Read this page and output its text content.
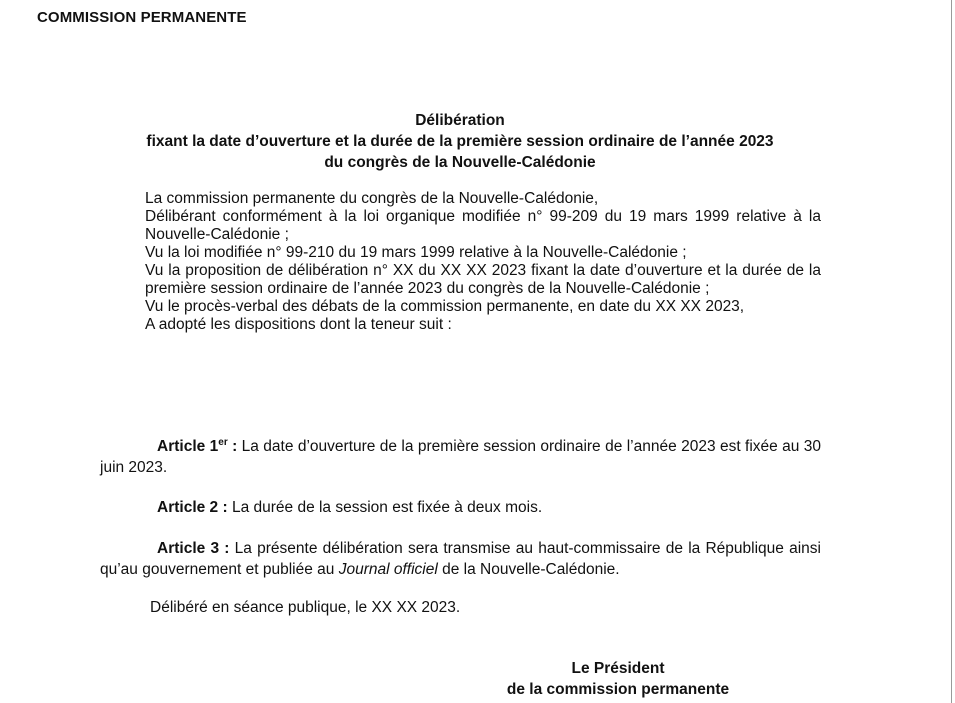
COMMISSION PERMANENTE
Délibération
fixant la date d’ouverture et la durée de la première session ordinaire de l’année 2023
du congrès de la Nouvelle-Calédonie

La commission permanente du congrès de la Nouvelle-Calédonie,

Délibérant conformément à la loi organique modifiée n° 99-209 du 19 mars 1999 relative à la Nouvelle-Calédonie ;

Vu la loi modifiée n° 99-210 du 19 mars 1999 relative à la Nouvelle-Calédonie ;

Vu la proposition de délibération n° XX du XX XX 2023 fixant la date d’ouverture et la durée de la première session ordinaire de l’année 2023 du congrès de la Nouvelle-Calédonie ;

Vu le procès-verbal des débats de la commission permanente, en date du XX XX 2023,

A adopté les dispositions dont la teneur suit :

Article 1er : La date d’ouverture de la première session ordinaire de l’année 2023 est fixée au 30 juin 2023.
Article 2 : La durée de la session est fixée à deux mois.
Article 3 : La présente délibération sera transmise au haut-commissaire de la République ainsi qu’au gouvernement et publiée au Journal officiel de la Nouvelle-Calédonie.
Délibéré en séance publique, le XX XX 2023.
Le Président
de la commission permanente
